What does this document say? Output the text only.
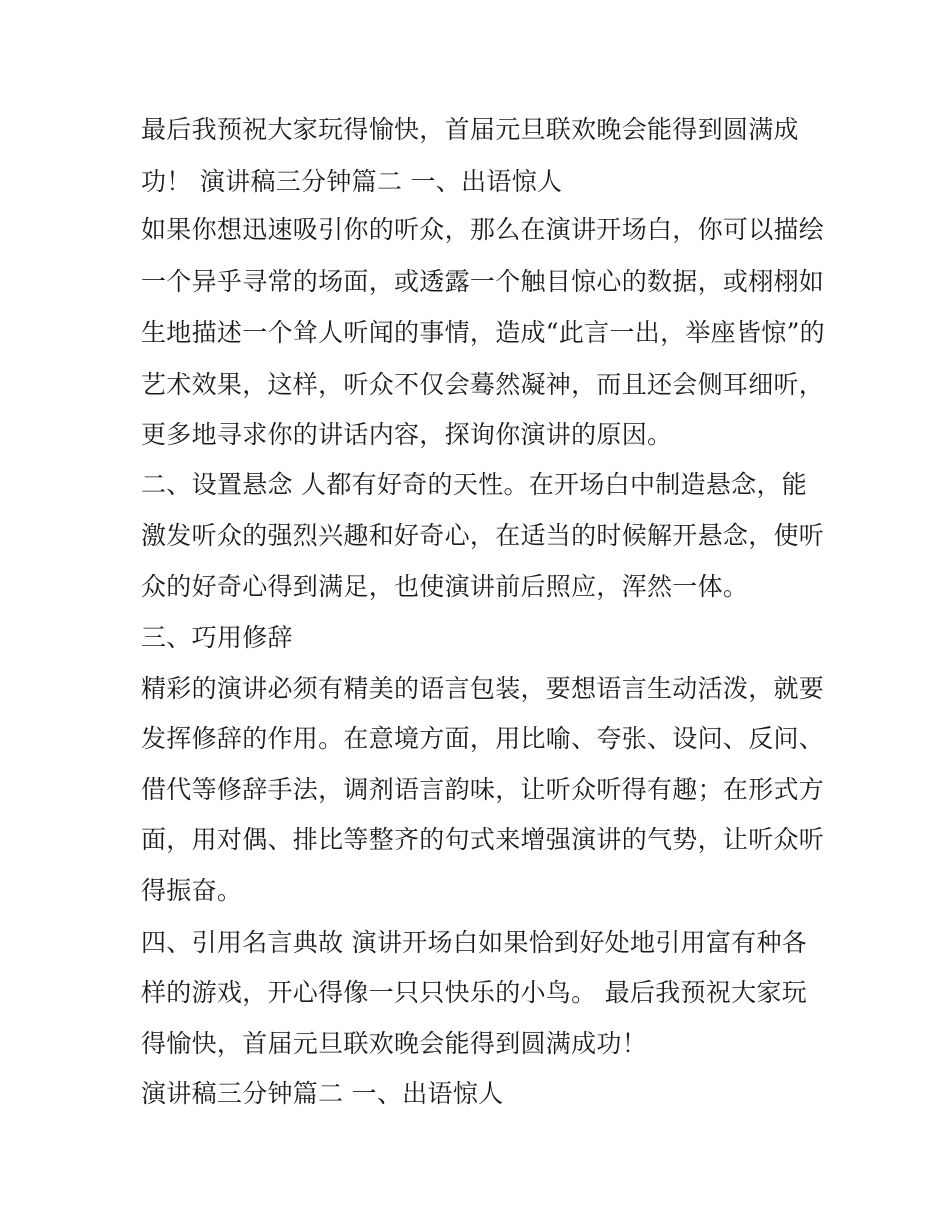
最后我预祝大家玩得愉快，首届元旦联欢晚会能得到圆满成
功！ 演讲稿三分钟篇二 一、出语惊人
如果你想迅速吸引你的听众，那么在演讲开场白，你可以描绘
一个异乎寻常的场面，或透露一个触目惊心的数据，或栩栩如
生地描述一个耸人听闻的事情，造成“此言一出，举座皆惊”的
艺术效果，这样，听众不仅会蓦然凝神，而且还会侧耳细听，
更多地寻求你的讲话内容，探询你演讲的原因。
二、设置悬念 人都有好奇的天性。在开场白中制造悬念，能
激发听众的强烈兴趣和好奇心，在适当的时候解开悬念，使听
众的好奇心得到满足，也使演讲前后照应，浑然一体。
三、巧用修辞
精彩的演讲必须有精美的语言包装，要想语言生动活泼，就要
发挥修辞的作用。在意境方面，用比喻、夸张、设问、反问、
借代等修辞手法，调剂语言韵味，让听众听得有趣；在形式方
面，用对偶、排比等整齐的句式来增强演讲的气势，让听众听
得振奋。
四、引用名言典故 演讲开场白如果恰到好处地引用富有种各
样的游戏，开心得像一只只快乐的小鸟。 最后我预祝大家玩
得愉快，首届元旦联欢晚会能得到圆满成功！
演讲稿三分钟篇二 一、出语惊人
